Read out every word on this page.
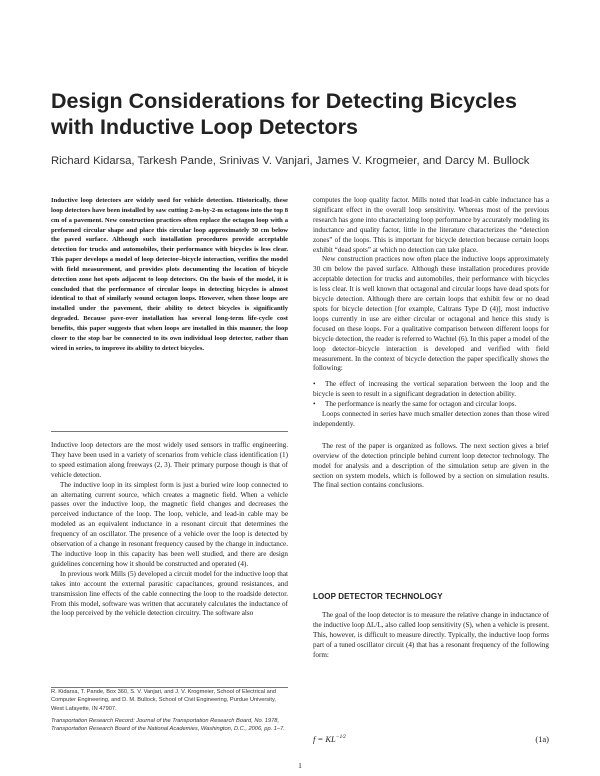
Design Considerations for Detecting Bicycles with Inductive Loop Detectors

Richard Kidarsa, Tarkesh Pande, Srinivas V. Vanjari, James V. Krogmeier, and Darcy M. Bullock

Inductive loop detectors are widely used for vehicle detection. Historically, these loop detectors have been installed by saw cutting 2-m-by-2-m octagons into the top 8 cm of a pavement. New construction practices often replace the octagon loop with a preformed circular shape and place this circular loop approximately 30 cm below the paved surface. Although such installation procedures provide acceptable detection for trucks and automobiles, their performance with bicycles is less clear. This paper develops a model of loop detector–bicycle interaction, verifies the model with field measurement, and provides plots documenting the location of bicycle detection zone hot spots adjacent to loop detectors. On the basis of the model, it is concluded that the performance of circular loops in detecting bicycles is almost identical to that of similarly wound octagon loops. However, when those loops are installed under the pavement, their ability to detect bicycles is significantly degraded. Because pave-over installation has several long-term life-cycle cost benefits, this paper suggests that when loops are installed in this manner, the loop closer to the stop bar be connected to its own individual loop detector, rather than wired in series, to improve its ability to detect bicycles.

Inductive loop detectors are the most widely used sensors in traffic engineering. They have been used in a variety of scenarios from vehicle class identification (1) to speed estimation along freeways (2, 3). Their primary purpose though is that of vehicle detection.

The inductive loop in its simplest form is just a buried wire loop connected to an alternating current source, which creates a magnetic field. When a vehicle passes over the inductive loop, the magnetic field changes and decreases the perceived inductance of the loop. The loop, vehicle, and lead-in cable may be modeled as an equivalent inductance in a resonant circuit that determines the frequency of an oscillator. The presence of a vehicle over the loop is detected by observation of a change in resonant frequency caused by the change in inductance. The inductive loop in this capacity has been well studied, and there are design guidelines concerning how it should be constructed and operated (4).

In previous work Mills (5) developed a circuit model for the inductive loop that takes into account the external parasitic capacitances, ground resistances, and transmission line effects of the cable connecting the loop to the roadside detector. From this model, software was written that accurately calculates the inductance of the loop perceived by the vehicle detection circuitry. The software also

R. Kidarsa, T. Pande, Box 360, S. V. Vanjari, and J. V. Krogmeier, School of Electrical and Computer Engineering, and D. M. Bullock, School of Civil Engineering, Purdue University, West Lafayette, IN 47907.

Transportation Research Record: Journal of the Transportation Research Board, No. 1978, Transportation Research Board of the National Academies, Washington, D.C., 2006, pp. 1–7.

computes the loop quality factor. Mills noted that lead-in cable inductance has a significant effect in the overall loop sensitivity. Whereas most of the previous research has gone into characterizing loop performance by accurately modeling its inductance and quality factor, little in the literature characterizes the “detection zones” of the loops. This is important for bicycle detection because certain loops exhibit “dead spots” at which no detection can take place.

New construction practices now often place the inductive loops approximately 30 cm below the paved surface. Although these installation procedures provide acceptable detection for trucks and automobiles, their performance with bicycles is less clear. It is well known that octagonal and circular loops have dead spots for bicycle detection. Although there are certain loops that exhibit few or no dead spots for bicycle detection [for example, Caltrans Type D (4)], most inductive loops currently in use are either circular or octagonal and hence this study is focused on these loops. For a qualitative comparison between different loops for bicycle detection, the reader is referred to Wachtel (6). In this paper a model of the loop detector–bicycle interaction is developed and verified with field measurement. In the context of bicycle detection the paper specifically shows the following:

• The effect of increasing the vertical separation between the loop and the bicycle is seen to result in a significant degradation in detection ability.
• The performance is nearly the same for octagon and circular loops.

Loops connected in series have much smaller detection zones than those wired independently.

The rest of the paper is organized as follows. The next section gives a brief overview of the detection principle behind current loop detector technology. The model for analysis and a description of the simulation setup are given in the section on system models, which is followed by a section on simulation results. The final section contains conclusions.

LOOP DETECTOR TECHNOLOGY

The goal of the loop detector is to measure the relative change in inductance of the inductive loop ΔL/L, also called loop sensitivity (S), when a vehicle is present. This, however, is difficult to measure directly. Typically, the inductive loop forms part of a tuned oscillator circuit (4) that has a resonant frequency of the following form:

$f = KL^{-1⁄2}$	(1a)
1
